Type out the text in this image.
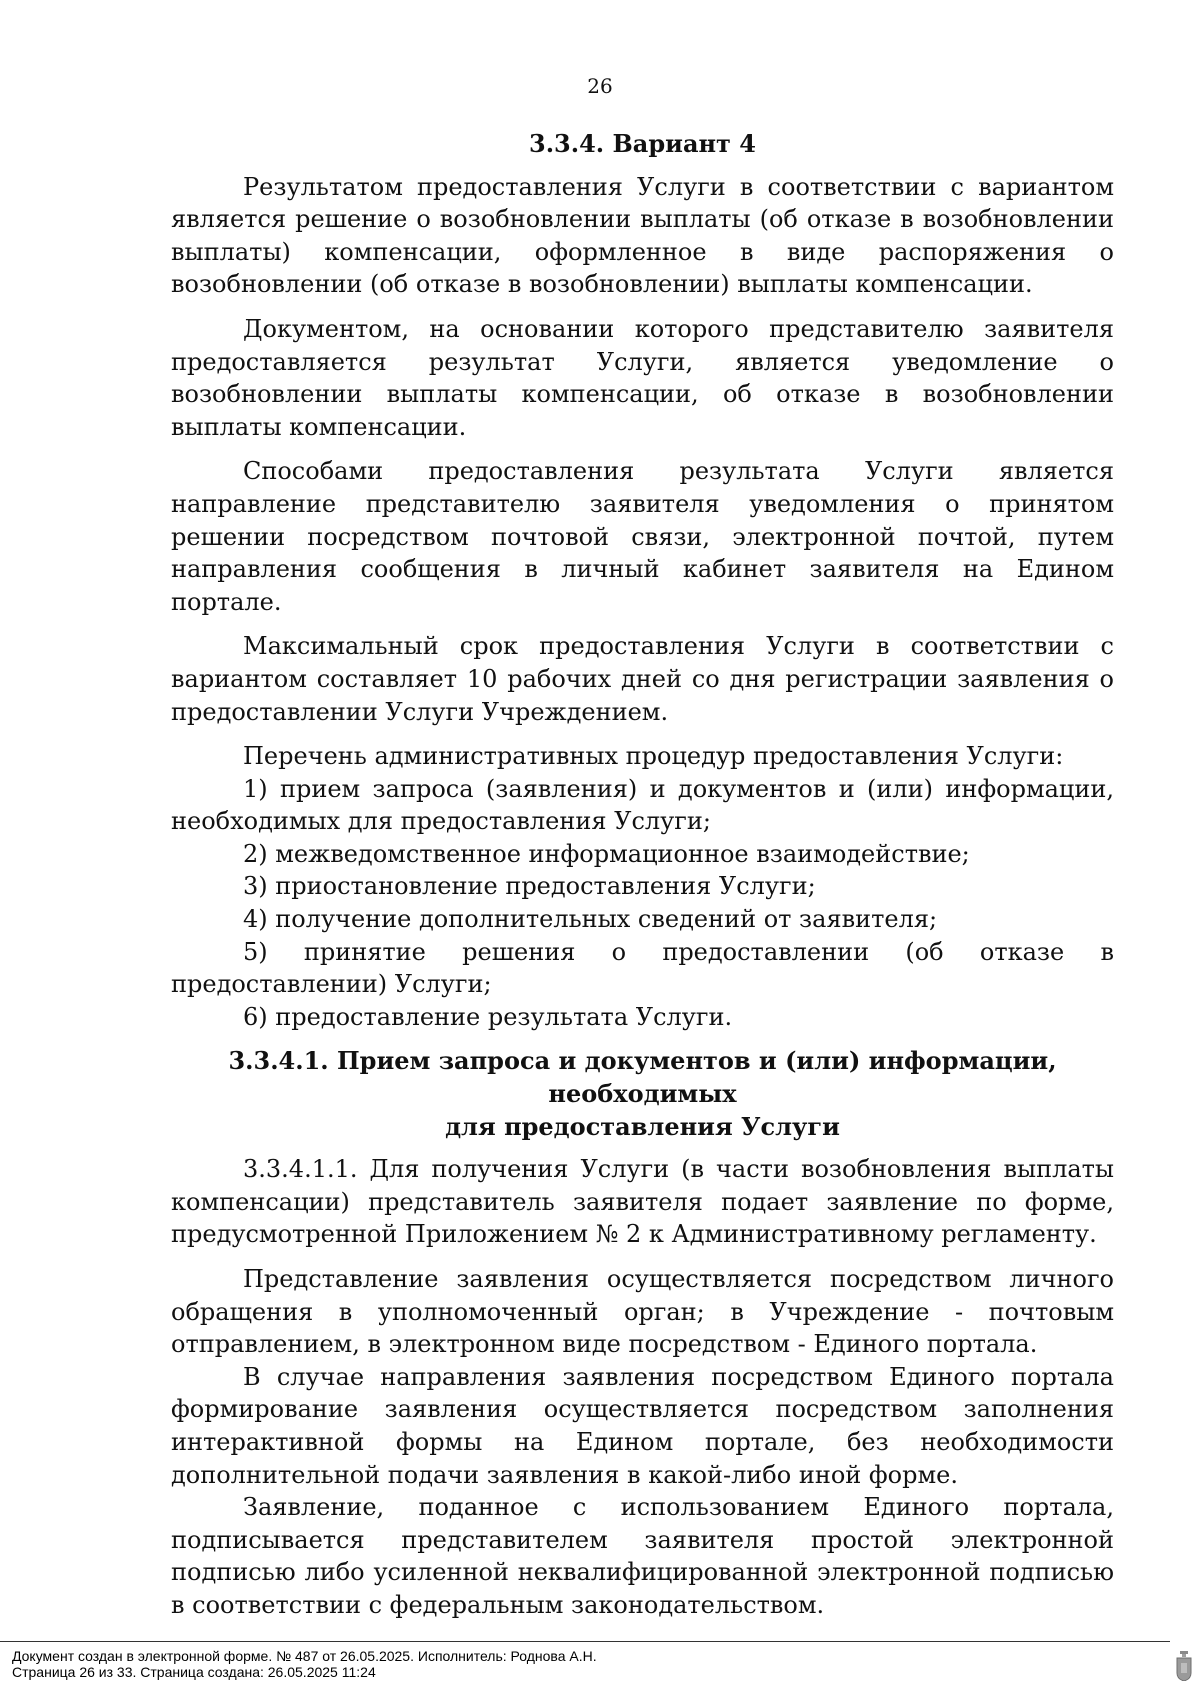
26
3.3.4. Вариант 4
Результатом предоставления Услуги в соответствии с вариантом является решение о возобновлении выплаты (об отказе в возобновлении выплаты) компенсации, оформленное в виде распоряжения о возобновлении (об отказе в возобновлении) выплаты компенсации.
Документом, на основании которого представителю заявителя предоставляется результат Услуги, является уведомление о возобновлении выплаты компенсации, об отказе в возобновлении выплаты компенсации.
Способами предоставления результата Услуги является направление представителю заявителя уведомления о принятом решении посредством почтовой связи, электронной почтой, путем направления сообщения в личный кабинет заявителя на Едином портале.
Максимальный срок предоставления Услуги в соответствии с вариантом составляет 10 рабочих дней со дня регистрации заявления о предоставлении Услуги Учреждением.
Перечень административных процедур предоставления Услуги:
1) прием запроса (заявления) и документов и (или) информации, необходимых для предоставления Услуги;
2) межведомственное информационное взаимодействие;
3) приостановление предоставления Услуги;
4) получение дополнительных сведений от заявителя;
5) принятие решения о предоставлении (об отказе в предоставлении) Услуги;
6) предоставление результата Услуги.
3.3.4.1. Прием запроса и документов и (или) информации, необходимых
для предоставления Услуги
3.3.4.1.1. Для получения Услуги (в части возобновления выплаты компенсации) представитель заявителя подает заявление по форме, предусмотренной Приложением № 2 к Административному регламенту.
Представление заявления осуществляется посредством личного обращения в уполномоченный орган; в Учреждение - почтовым отправлением, в электронном виде посредством - Единого портала.
В случае направления заявления посредством Единого портала формирование заявления осуществляется посредством заполнения интерактивной формы на Едином портале, без необходимости дополнительной подачи заявления в какой-либо иной форме.
Заявление, поданное с использованием Единого портала, подписывается представителем заявителя простой электронной подписью либо усиленной неквалифицированной электронной подписью в соответствии с федеральным законодательством.
Документ создан в электронной форме. № 487 от 26.05.2025. Исполнитель: Роднова А.Н.
Страница 26 из 33. Страница создана: 26.05.2025 11:24
